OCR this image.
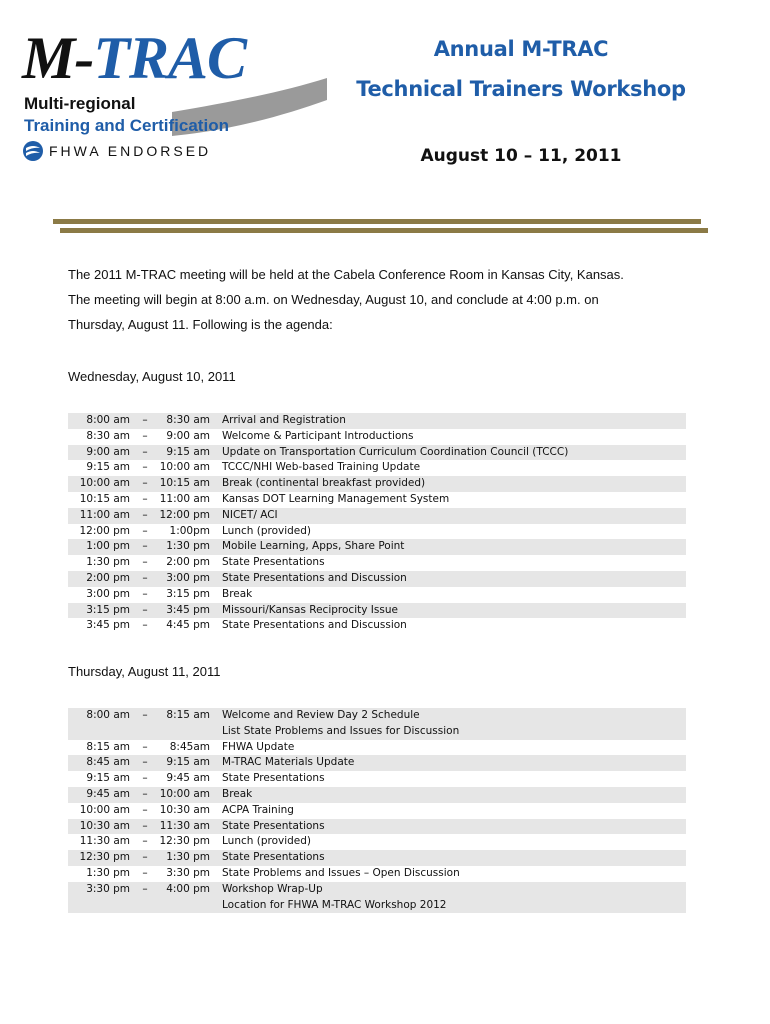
M-TRAC
Multi-regional
Training and Certification
FHWA ENDORSED
Annual M-TRAC
Technical Trainers Workshop
August 10 – 11, 2011

The 2011 M-TRAC meeting will be held at the Cabela Conference Room in Kansas City, Kansas.

The meeting will begin at 8:00 a.m. on Wednesday, August 10, and conclude at 4:00 p.m. on

Thursday, August 11. Following is the agenda:

Wednesday, August 10, 2011
8:00 am –	8:30 am Arrival and Registration
8:30 am –	9:00 am Welcome & Participant Introductions
9:00 am –	9:15 am Update on Transportation Curriculum Coordination Council (TCCC)
9:15 am –	10:00 am TCCC/NHI Web-based Training Update
10:00 am –	10:15 am Break (continental breakfast provided)
10:15 am –	11:00 am Kansas DOT Learning Management System
11:00 am –	12:00 pm NICET/ ACI
12:00 pm –	1:00pm Lunch (provided)
1:00 pm –	1:30 pm Mobile Learning, Apps, Share Point
1:30 pm –	2:00 pm State Presentations
2:00 pm –	3:00 pm State Presentations and Discussion
3:00 pm –	3:15 pm Break
3:15 pm –	3:45 pm Missouri/Kansas Reciprocity Issue
3:45 pm –	4:45 pm State Presentations and Discussion
Thursday, August 11, 2011
8:00 am –	8:15 am Welcome and Review Day 2 Schedule
List State Problems and Issues for Discussion
8:15 am –	8:45am FHWA Update
8:45 am –	9:15 am M-TRAC Materials Update
9:15 am –	9:45 am State Presentations
9:45 am –	10:00 am Break
10:00 am –	10:30 am ACPA Training
10:30 am –	11:30 am State Presentations
11:30 am –	12:30 pm Lunch (provided)
12:30 pm –	1:30 pm State Presentations
1:30 pm –	3:30 pm State Problems and Issues – Open Discussion
3:30 pm –	4:00 pm Workshop Wrap-Up
Location for FHWA M-TRAC Workshop 2012
